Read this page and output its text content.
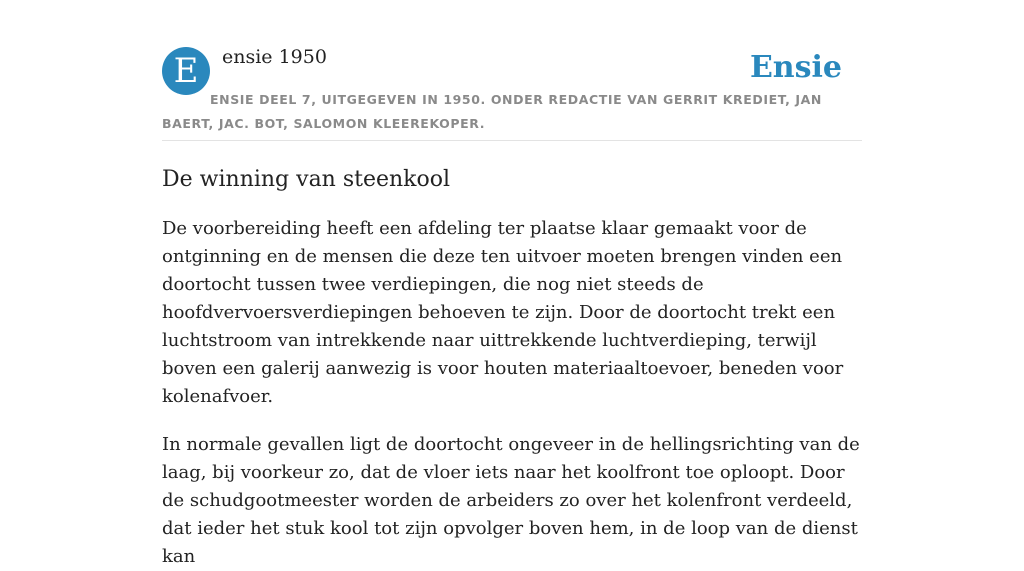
E	ensie 1950	Ensie
ENSIE DEEL 7, UITGEGEVEN IN 1950. ONDER REDACTIE VAN GERRIT KREDIET, JAN BAERT, JAC. BOT, SALOMON KLEEREKOPER.
De winning van steenkool

De voorbereiding heeft een afdeling ter plaatse klaar gemaakt voor de ontginning en de mensen die deze ten uitvoer moeten brengen vinden een doortocht tussen twee verdiepingen, die nog niet steeds de hoofdvervoersverdiepingen behoeven te zijn. Door de doortocht trekt een luchtstroom van intrekkende naar uittrekkende luchtverdieping, terwijl boven een galerij aanwezig is voor houten materiaaltoevoer, beneden voor kolenafvoer.

In normale gevallen ligt de doortocht ongeveer in de hellingsrichting van de laag, bij voorkeur zo, dat de vloer iets naar het koolfront toe oploopt. Door de schudgootmeester worden de arbeiders zo over het kolenfront verdeeld, dat ieder het stuk kool tot zijn opvolger boven hem, in de loop van de dienst kan
